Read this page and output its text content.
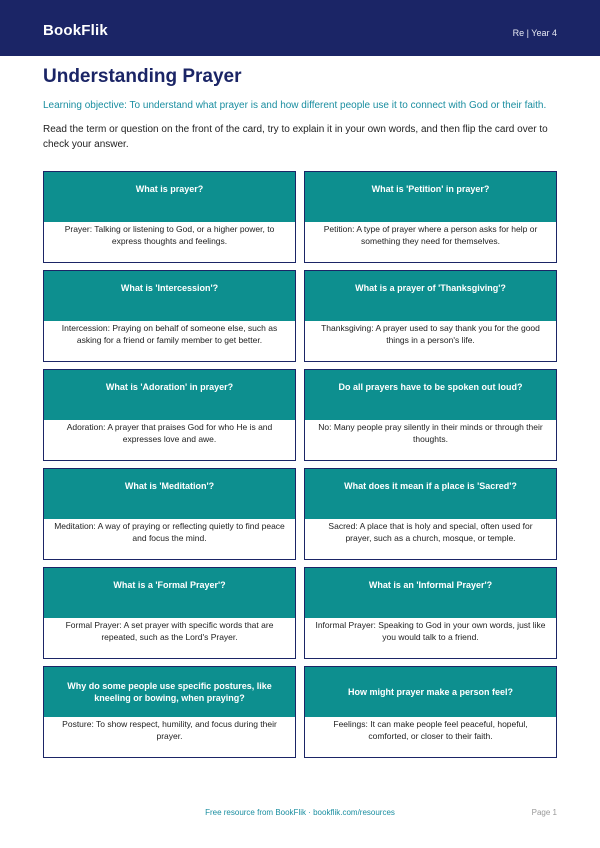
BookFlik	Re | Year 4
Understanding Prayer
Learning objective: To understand what prayer is and how different people use it to connect with God or their faith.
Read the term or question on the front of the card, try to explain it in your own words, and then flip the card over to check your answer.
What is prayer?
Prayer: Talking or listening to God, or a higher power, to express thoughts and feelings.
What is 'Petition' in prayer?
Petition: A type of prayer where a person asks for help or something they need for themselves.
What is 'Intercession'?
Intercession: Praying on behalf of someone else, such as asking for a friend or family member to get better.
What is a prayer of 'Thanksgiving'?
Thanksgiving: A prayer used to say thank you for the good things in a person's life.
What is 'Adoration' in prayer?
Adoration: A prayer that praises God for who He is and expresses love and awe.
Do all prayers have to be spoken out loud?
No: Many people pray silently in their minds or through their thoughts.
What is 'Meditation'?
Meditation: A way of praying or reflecting quietly to find peace and focus the mind.
What does it mean if a place is 'Sacred'?
Sacred: A place that is holy and special, often used for prayer, such as a church, mosque, or temple.
What is a 'Formal Prayer'?
Formal Prayer: A set prayer with specific words that are repeated, such as the Lord's Prayer.
What is an 'Informal Prayer'?
Informal Prayer: Speaking to God in your own words, just like you would talk to a friend.
Why do some people use specific postures, like kneeling or bowing, when praying?
Posture: To show respect, humility, and focus during their prayer.
How might prayer make a person feel?
Feelings: It can make people feel peaceful, hopeful, comforted, or closer to their faith.
Free resource from BookFlik · bookflik.com/resources	Page 1
